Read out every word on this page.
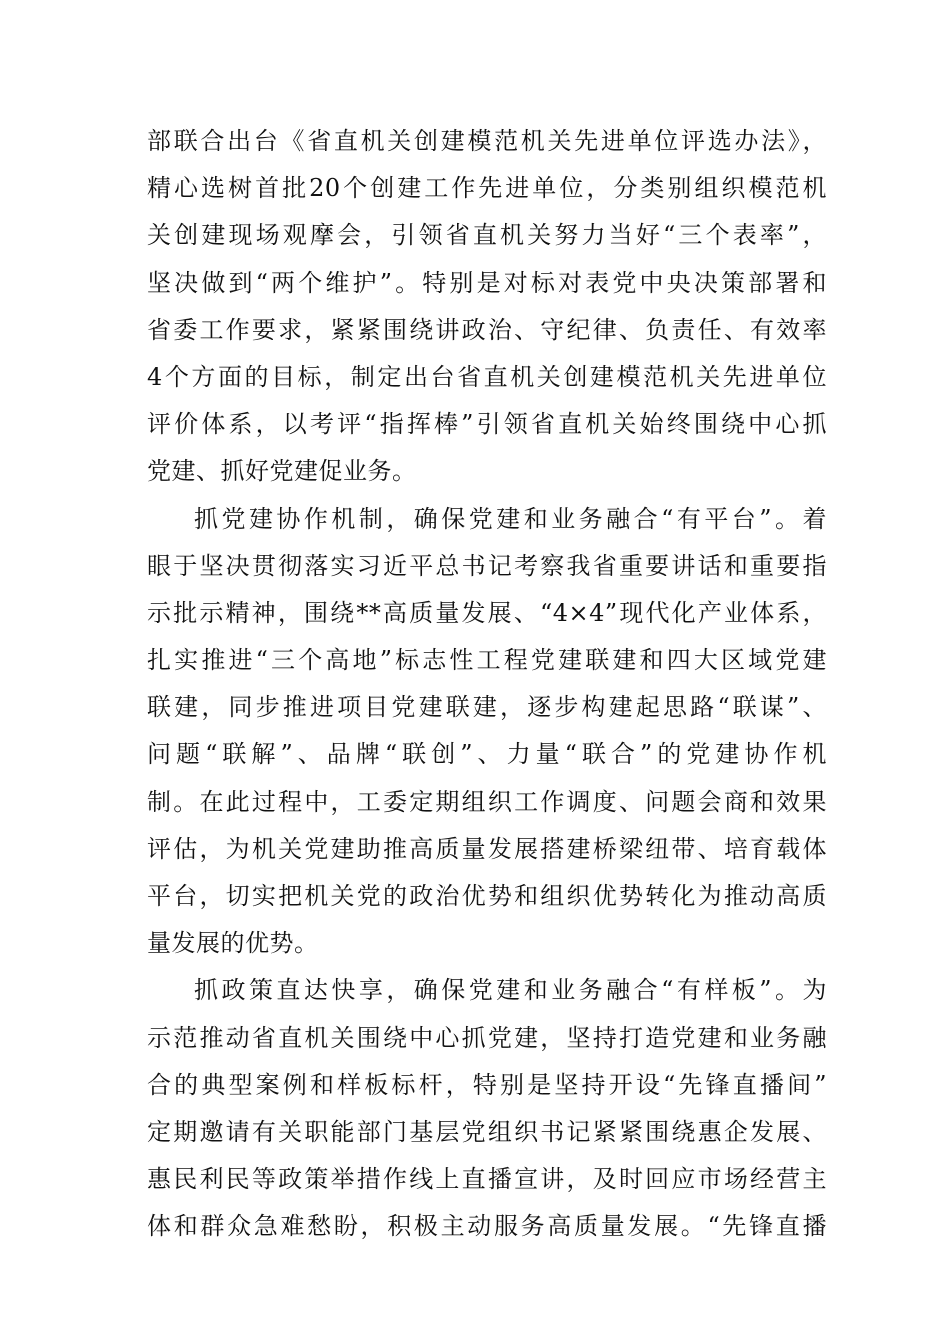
部联合出台《省直机关创建模范机关先进单位评选办法》，
精心选树首批20个创建工作先进单位，分类别组织模范机
关创建现场观摩会，引领省直机关努力当好“三个表率”，
坚决做到“两个维护”。特别是对标对表党中央决策部署和
省委工作要求，紧紧围绕讲政治、守纪律、负责任、有效率
4个方面的目标，制定出台省直机关创建模范机关先进单位
评价体系，以考评“指挥棒”引领省直机关始终围绕中心抓
党建、抓好党建促业务。
抓党建协作机制，确保党建和业务融合“有平台”。着
眼于坚决贯彻落实习近平总书记考察我省重要讲话和重要指
示批示精神，围绕**高质量发展、“4×4”现代化产业体系，
扎实推进“三个高地”标志性工程党建联建和四大区域党建
联建，同步推进项目党建联建，逐步构建起思路“联谋”、
问题“联解”、品牌“联创”、力量“联合”的党建协作机
制。在此过程中，工委定期组织工作调度、问题会商和效果
评估，为机关党建助推高质量发展搭建桥梁纽带、培育载体
平台，切实把机关党的政治优势和组织优势转化为推动高质
量发展的优势。
抓政策直达快享，确保党建和业务融合“有样板”。为
示范推动省直机关围绕中心抓党建，坚持打造党建和业务融
合的典型案例和样板标杆，特别是坚持开设“先锋直播间”
定期邀请有关职能部门基层党组织书记紧紧围绕惠企发展、
惠民利民等政策举措作线上直播宣讲，及时回应市场经营主
体和群众急难愁盼，积极主动服务高质量发展。“先锋直播
